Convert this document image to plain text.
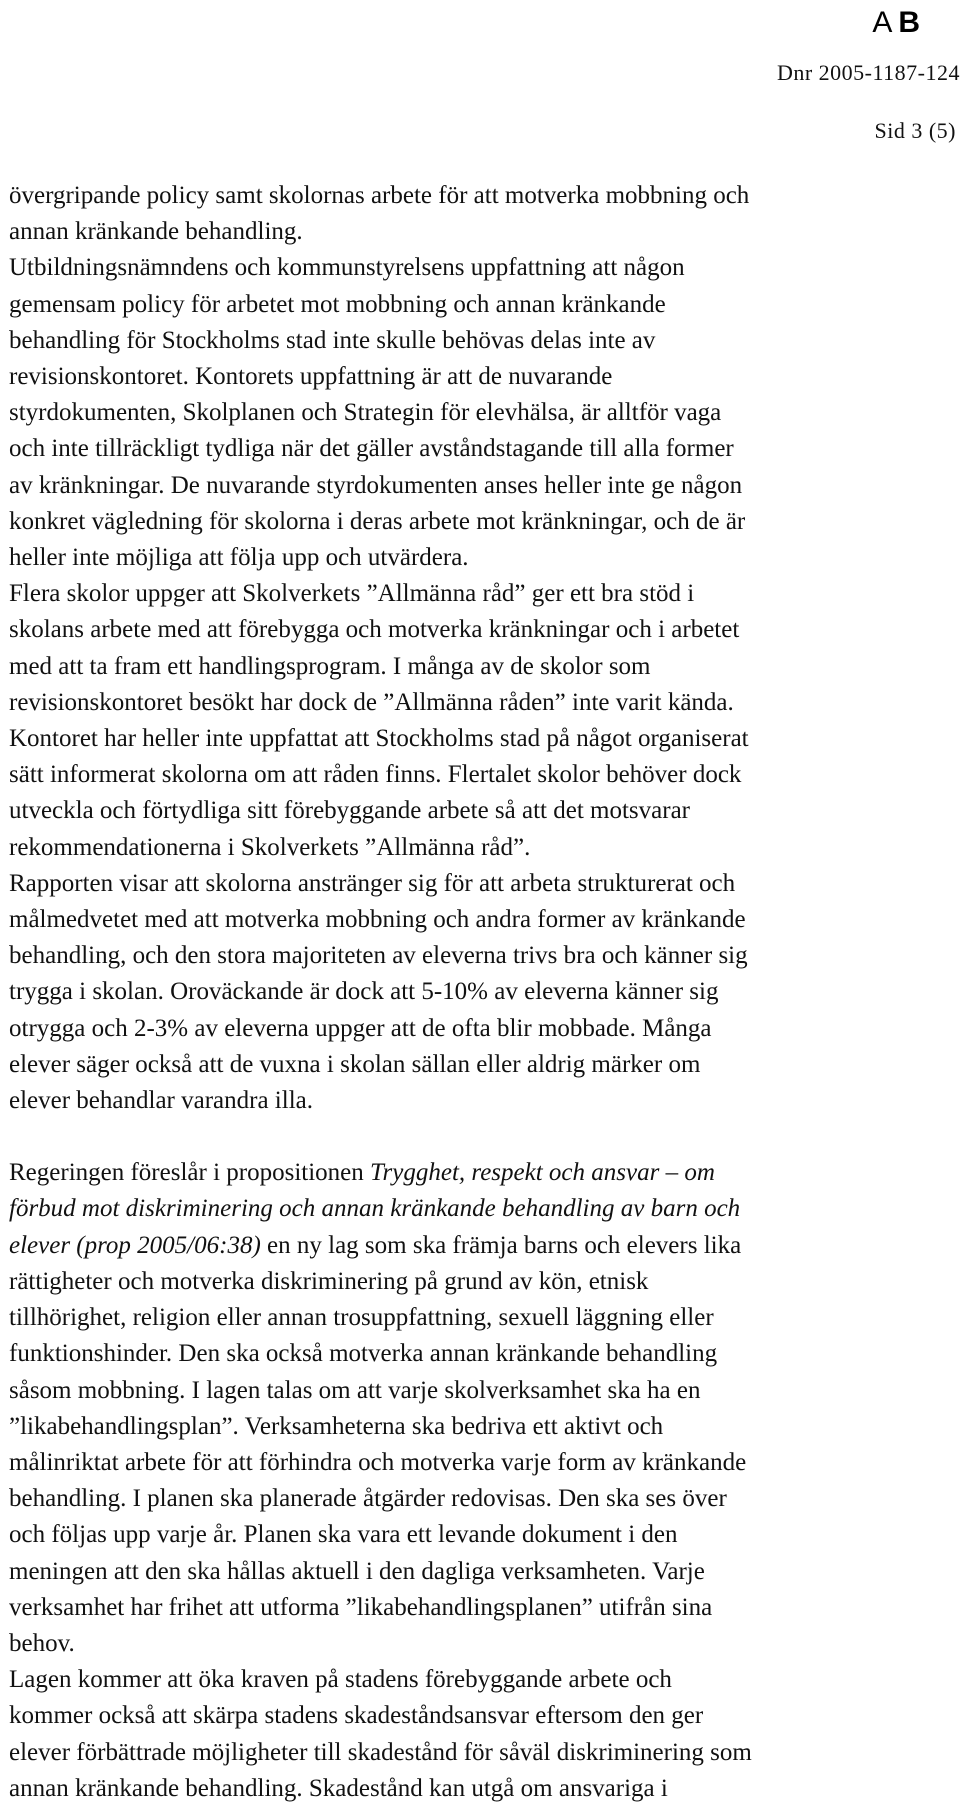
AB
Dnr 2005-1187-124
Sid 3 (5)

övergripande policy samt skolornas arbete för att motverka mobbning och

annan kränkande behandling.

Utbildningsnämndens och kommunstyrelsens uppfattning att någon

gemensam policy för arbetet mot mobbning och annan kränkande

behandling för Stockholms stad inte skulle behövas delas inte av

revisionskontoret. Kontorets uppfattning är att de nuvarande

styrdokumenten, Skolplanen och Strategin för elevhälsa, är alltför vaga

och inte tillräckligt tydliga när det gäller avståndstagande till alla former

av kränkningar. De nuvarande styrdokumenten anses heller inte ge någon

konkret vägledning för skolorna i deras arbete mot kränkningar, och de är

heller inte möjliga att följa upp och utvärdera.

Flera skolor uppger att Skolverkets ”Allmänna råd” ger ett bra stöd i

skolans arbete med att förebygga och motverka kränkningar och i arbetet

med att ta fram ett handlingsprogram. I många av de skolor som

revisionskontoret besökt har dock de ”Allmänna råden” inte varit kända.

Kontoret har heller inte uppfattat att Stockholms stad på något organiserat

sätt informerat skolorna om att råden finns. Flertalet skolor behöver dock

utveckla och förtydliga sitt förebyggande arbete så att det motsvarar

rekommendationerna i Skolverkets ”Allmänna råd”.

Rapporten visar att skolorna anstränger sig för att arbeta strukturerat och

målmedvetet med att motverka mobbning och andra former av kränkande

behandling, och den stora majoriteten av eleverna trivs bra och känner sig

trygga i skolan. Oroväckande är dock att 5-10% av eleverna känner sig

otrygga och 2-3% av eleverna uppger att de ofta blir mobbade. Många

elever säger också att de vuxna i skolan sällan eller aldrig märker om

elever behandlar varandra illa.

Regeringen föreslår i propositionen Trygghet, respekt och ansvar – om

förbud mot diskriminering och annan kränkande behandling av barn och

elever (prop 2005/06:38) en ny lag som ska främja barns och elevers lika

rättigheter och motverka diskriminering på grund av kön, etnisk

tillhörighet, religion eller annan trosuppfattning, sexuell läggning eller

funktionshinder. Den ska också motverka annan kränkande behandling

såsom mobbning. I lagen talas om att varje skolverksamhet ska ha en

”likabehandlingsplan”. Verksamheterna ska bedriva ett aktivt och

målinriktat arbete för att förhindra och motverka varje form av kränkande

behandling. I planen ska planerade åtgärder redovisas. Den ska ses över

och följas upp varje år. Planen ska vara ett levande dokument i den

meningen att den ska hållas aktuell i den dagliga verksamheten. Varje

verksamhet har frihet att utforma ”likabehandlingsplanen” utifrån sina

behov.

Lagen kommer att öka kraven på stadens förebyggande arbete och

kommer också att skärpa stadens skadeståndsansvar eftersom den ger

elever förbättrade möjligheter till skadestånd för såväl diskriminering som

annan kränkande behandling. Skadestånd kan utgå om ansvariga i
